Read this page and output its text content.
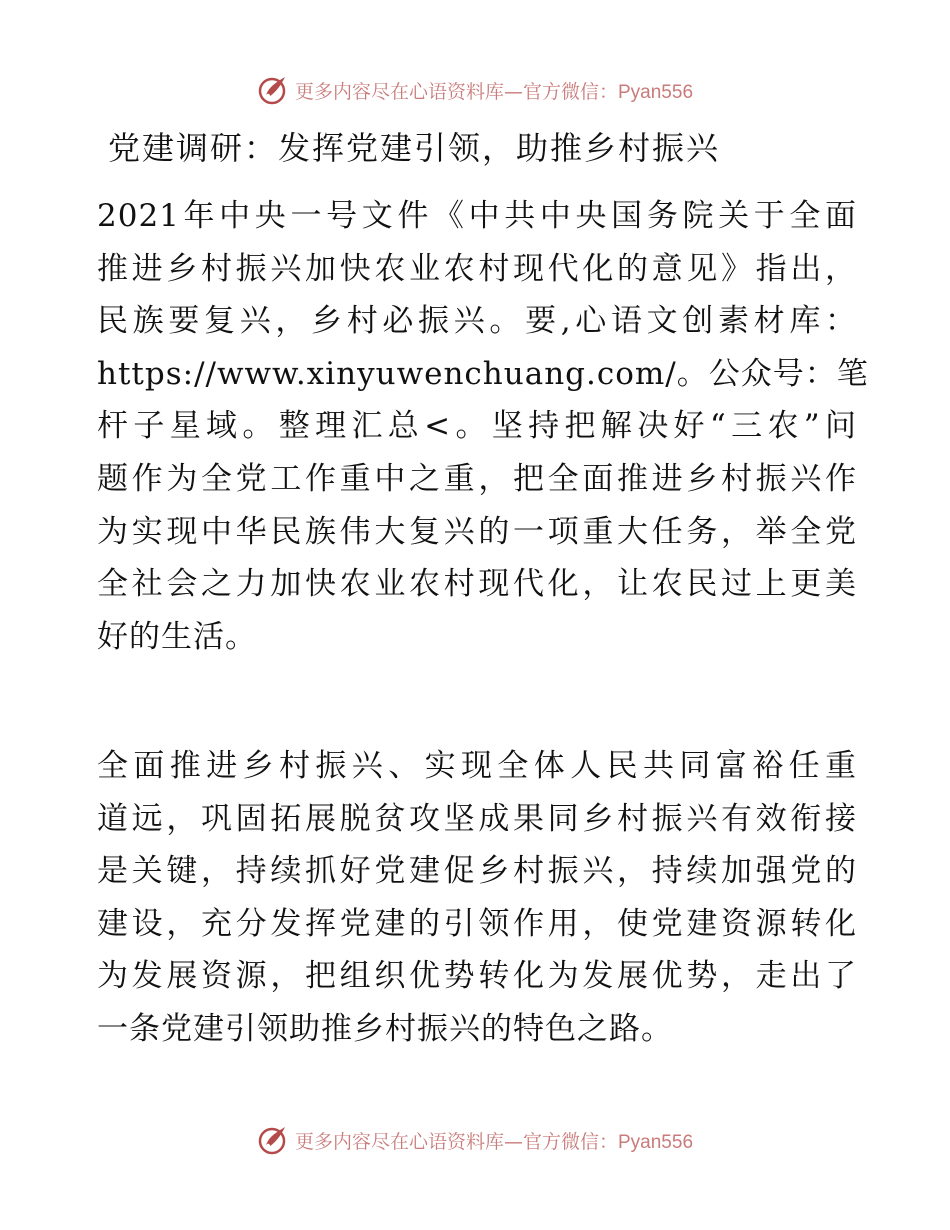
更多内容尽在心语资料库—官方微信：Pyan556
党建调研：发挥党建引领，助推乡村振兴
2021年中央一号文件《中共中央国务院关于全面
推进乡村振兴加快农业农村现代化的意见》指出，
民族要复兴，乡村必振兴。要,心语文创素材库：
https://www.xinyuwenchuang.com/。公众号：笔
杆子星域。整理汇总<。坚持把解决好“三农”问
题作为全党工作重中之重，把全面推进乡村振兴作
为实现中华民族伟大复兴的一项重大任务，举全党
全社会之力加快农业农村现代化，让农民过上更美
好的生活。
全面推进乡村振兴、实现全体人民共同富裕任重
道远，巩固拓展脱贫攻坚成果同乡村振兴有效衔接
是关键，持续抓好党建促乡村振兴，持续加强党的
建设，充分发挥党建的引领作用，使党建资源转化
为发展资源，把组织优势转化为发展优势，走出了
一条党建引领助推乡村振兴的特色之路。
更多内容尽在心语资料库—官方微信：Pyan556
